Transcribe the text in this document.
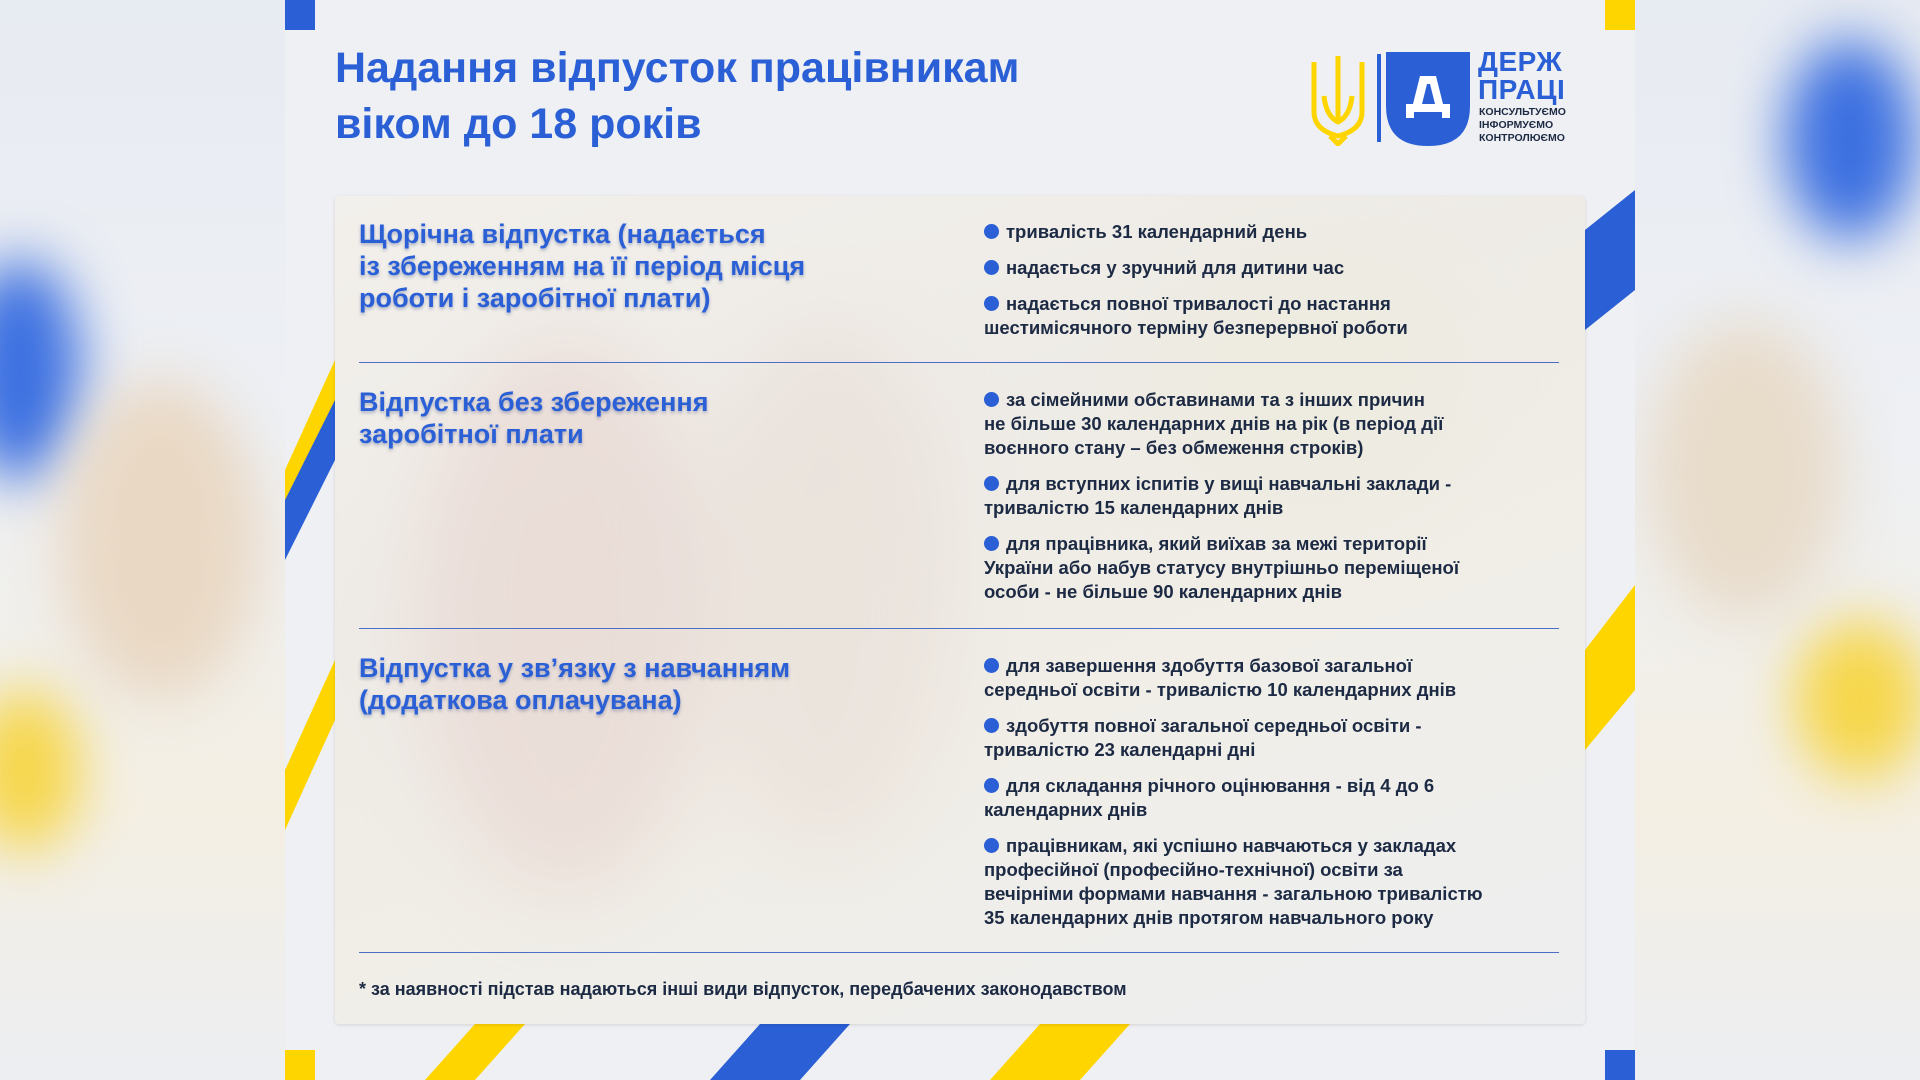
Надання відпусток працівникам
віком до 18 років

ДЕРЖ
ПРАЦІ

КОНСУЛЬТУЄМО
ІНФОРМУЄМО
КОНТРОЛЮЄМО
Щорічна відпустка (надається
із збереженням на її період місця
роботи і заробітної плати)
тривалість 31 календарний день
надається у зручний для дитини час
надається повної тривалості до настання
шестимісячного терміну безперервної роботи
Відпустка без збереження
заробітної плати
за сімейними обставинами та з інших причин
не більше 30 календарних днів на рік (в період дії
воєнного стану – без обмеження строків)
для вступних іспитів у вищі навчальні заклади -
тривалістю 15 календарних днів
для працівника, який виїхав за межі території
України або набув статусу внутрішньо переміщеної
особи - не більше 90 календарних днів
Відпустка у звʼязку з навчанням
(додаткова оплачувана)
для завершення здобуття базової загальної
середньої освіти - тривалістю 10 календарних днів
здобуття повної загальної середньої освіти -
тривалістю 23 календарні дні
для складання річного оцінювання - від 4 до 6
календарних днів
працівникам, які успішно навчаються у закладах
професійної (професійно-технічної) освіти за
вечірніми формами навчання - загальною тривалістю
35 календарних днів протягом навчального року

* за наявності підстав надаються інші види відпусток, передбачених законодавством
